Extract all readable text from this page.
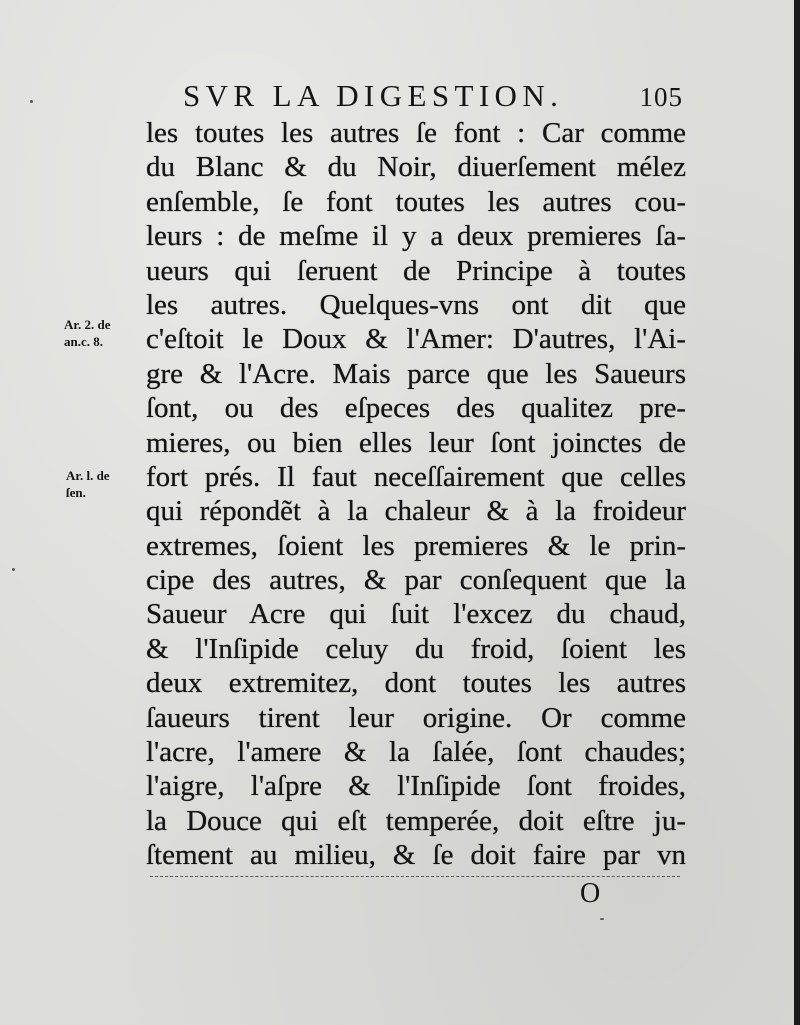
SVR LA DIGESTION.	105
Ar. 2. de
an.c. 8.
Ar. l. de
ſen.
les toutes les autres ſe font : Car comme
du Blanc & du Noir, diuerſement mélez
enſemble, ſe font toutes les autres cou-
leurs : de meſme il y a deux premieres ſa-
ueurs qui ſeruent de Principe à toutes
les autres. Quelques-vns ont dit que
c'eſtoit le Doux & l'Amer: D'autres, l'Ai-
gre & l'Acre. Mais parce que les Saueurs
ſont, ou des eſpeces des qualitez pre-
mieres, ou bien elles leur ſont joinctes de
fort prés. Il faut neceſſairement que celles
qui répondẽt à la chaleur & à la froideur
extremes, ſoient les premieres & le prin-
cipe des autres, & par conſequent que la
Saueur Acre qui ſuit l'excez du chaud,
& l'Inſipide celuy du froid, ſoient les
deux extremitez, dont toutes les autres
ſaueurs tirent leur origine. Or comme
l'acre, l'amere & la ſalée, ſont chaudes;
l'aigre, l'aſpre & l'Inſipide ſont froides,
la Douce qui eſt temperée, doit eſtre ju-
ſtement au milieu, & ſe doit faire par vn
O
